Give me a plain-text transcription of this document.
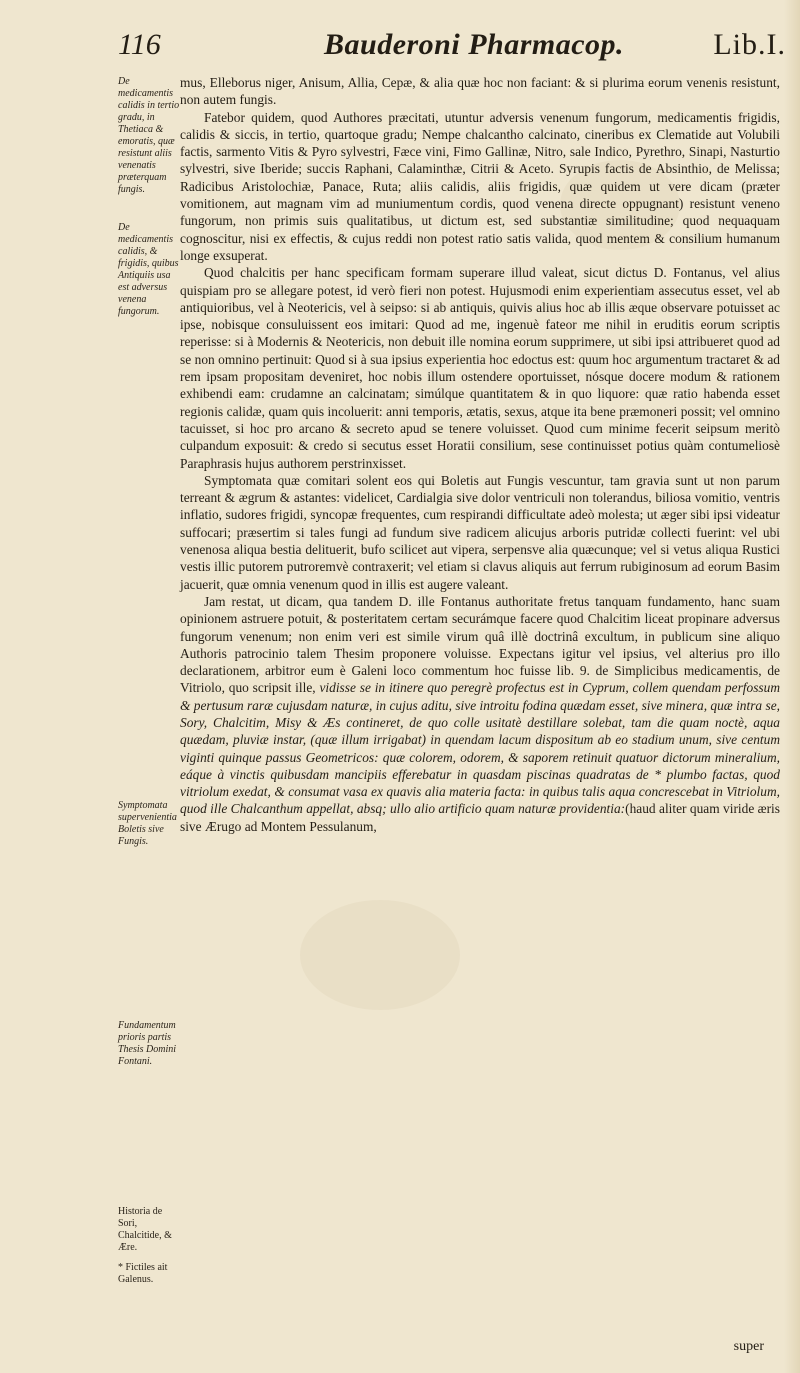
116	Bauderoni Pharmacop.	Lib.I.
De medicamentis calidis in tertio gradu, in Thetiaca & emoratis, quæ resistunt aliis venenatis præterquam fungis.
De medicamentis calidis, & frigidis, quibus Antiquiis usa est adversus venena fungorum.
Symptomata supervenientia Boletis sive Fungis.
Fundamentum prioris partis Thesis Domini Fontani.
Historia de Sori, Chalcitide, & Ære.
* Fictiles ait Galenus.

mus, Elleborus niger, Anisum, Allia, Cepæ, & alia quæ hoc non faciant: & si plurima eorum venenis resistunt, non autem fungis.

Fatebor quidem, quod Authores præcitati, utuntur adversis venenum fungorum, medicamentis frigidis, calidis & siccis, in tertio, quartoque gradu; Nempe chalcantho calcinato, cineribus ex Clematide aut Volubili factis, sarmento Vitis & Pyro sylvestri, Fæce vini, Fimo Gallinæ, Nitro, sale Indico, Pyrethro, Sinapi, Nasturtio sylvestri, sive Iberide; succis Raphani, Calaminthæ, Citrii & Aceto. Syrupis factis de Absinthio, de Melissa; Radicibus Aristolochiæ, Panace, Ruta; aliis calidis, aliis frigidis, quæ quidem ut vere dicam (præter vomitionem, aut magnam vim ad muniumentum cordis, quod venena directe oppugnant) resistunt veneno fungorum, non primis suis qualitatibus, ut dictum est, sed substantiæ similitudine; quod nequaquam cognoscitur, nisi ex effectis, & cujus reddi non potest ratio satis valida, quod mentem & consilium humanum longe exsuperat.

Quod chalcitis per hanc specificam formam superare illud valeat, sicut dictus D. Fontanus, vel alius quispiam pro se allegare potest, id verò fieri non potest. Hujusmodi enim experientiam assecutus esset, vel ab antiquioribus, vel à Neotericis, vel à seipso: si ab antiquis, quivis alius hoc ab illis æque observare potuisset ac ipse, nobisque consuluissent eos imitari: Quod ad me, ingenuè fateor me nihil in eruditis eorum scriptis reperisse: si à Modernis & Neotericis, non debuit ille nomina eorum supprimere, ut sibi ipsi attribueret quod ad se non omnino pertinuit: Quod si à sua ipsius experientia hoc edoctus est: quum hoc argumentum tractaret & ad rem ipsam propositam deveniret, hoc nobis illum ostendere oportuisset, nósque docere modum & rationem exhibendi eam: crudamne an calcinatam; simúlque quantitatem & in quo liquore: quæ ratio habenda esset regionis calidæ, quam quis incoluerit: anni temporis, ætatis, sexus, atque ita bene præmoneri possit; vel omnino tacuisset, si hoc pro arcano & secreto apud se tenere voluisset. Quod cum minime fecerit seipsum meritò culpandum exposuit: & credo si secutus esset Horatii consilium, sese continuisset potius quàm contumeliosè Paraphrasis hujus authorem perstrinxisset.

Symptomata quæ comitari solent eos qui Boletis aut Fungis vescuntur, tam gravia sunt ut non parum terreant & ægrum & astantes: videlicet, Cardialgia sive dolor ventriculi non tolerandus, biliosa vomitio, ventris inflatio, sudores frigidi, syncopæ frequentes, cum respirandi difficultate adeò molesta; ut æger sibi ipsi videatur suffocari; præsertim si tales fungi ad fundum sive radicem alicujus arboris putridæ collecti fuerint: vel ubi venenosa aliqua bestia delituerit, bufo scilicet aut vipera, serpensve alia quæcunque; vel si vetus aliqua Rustici vestis illic putorem putroremvè contraxerit; vel etiam si clavus aliquis aut ferrum rubiginosum ad eorum Basim jacuerit, quæ omnia venenum quod in illis est augere valeant.

Jam restat, ut dicam, qua tandem D. ille Fontanus authoritate fretus tanquam fundamento, hanc suam opinionem astruere potuit, & posteritatem certam securámque facere quod Chalcitim liceat propinare adversus fungorum venenum; non enim veri est simile virum quâ illè doctrinâ excultum, in publicum sine aliquo Authoris patrocinio talem Thesim proponere voluisse. Expectans igitur vel ipsius, vel alterius pro illo declarationem, arbitror eum è Galeni loco commentum hoc fuisse lib. 9. de Simplicibus medicamentis, de Vitriolo, quo scripsit ille, vidisse se in itinere quo peregrè profectus est in Cyprum, collem quendam perfossum & pertusum raræ cujusdam naturæ, in cujus aditu, sive introitu fodina quædam esset, sive minera, quæ intra se, Sory, Chalcitim, Misy & Æs contineret, de quo colle usitatè destillare solebat, tam die quam noctè, aqua quædam, pluviæ instar, (quæ illum irrigabat) in quendam lacum dispositum ab eo stadium unum, sive centum viginti quinque passus Geometricos: quæ colorem, odorem, & saporem retinuit quatuor dictorum mineralium, eáque à vinctis quibusdam mancipiis efferebatur in quasdam piscinas quadratas de * plumbo factas, quod vitriolum exedat, & consumat vasa ex quavis alia materia facta: in quibus talis aqua concrescebat in Vitriolum, quod ille Chalcanthum appellat, absq; ullo alio artificio quam naturæ providentia:(haud aliter quam viride æris sive Ærugo ad Montem Pessulanum,

super
